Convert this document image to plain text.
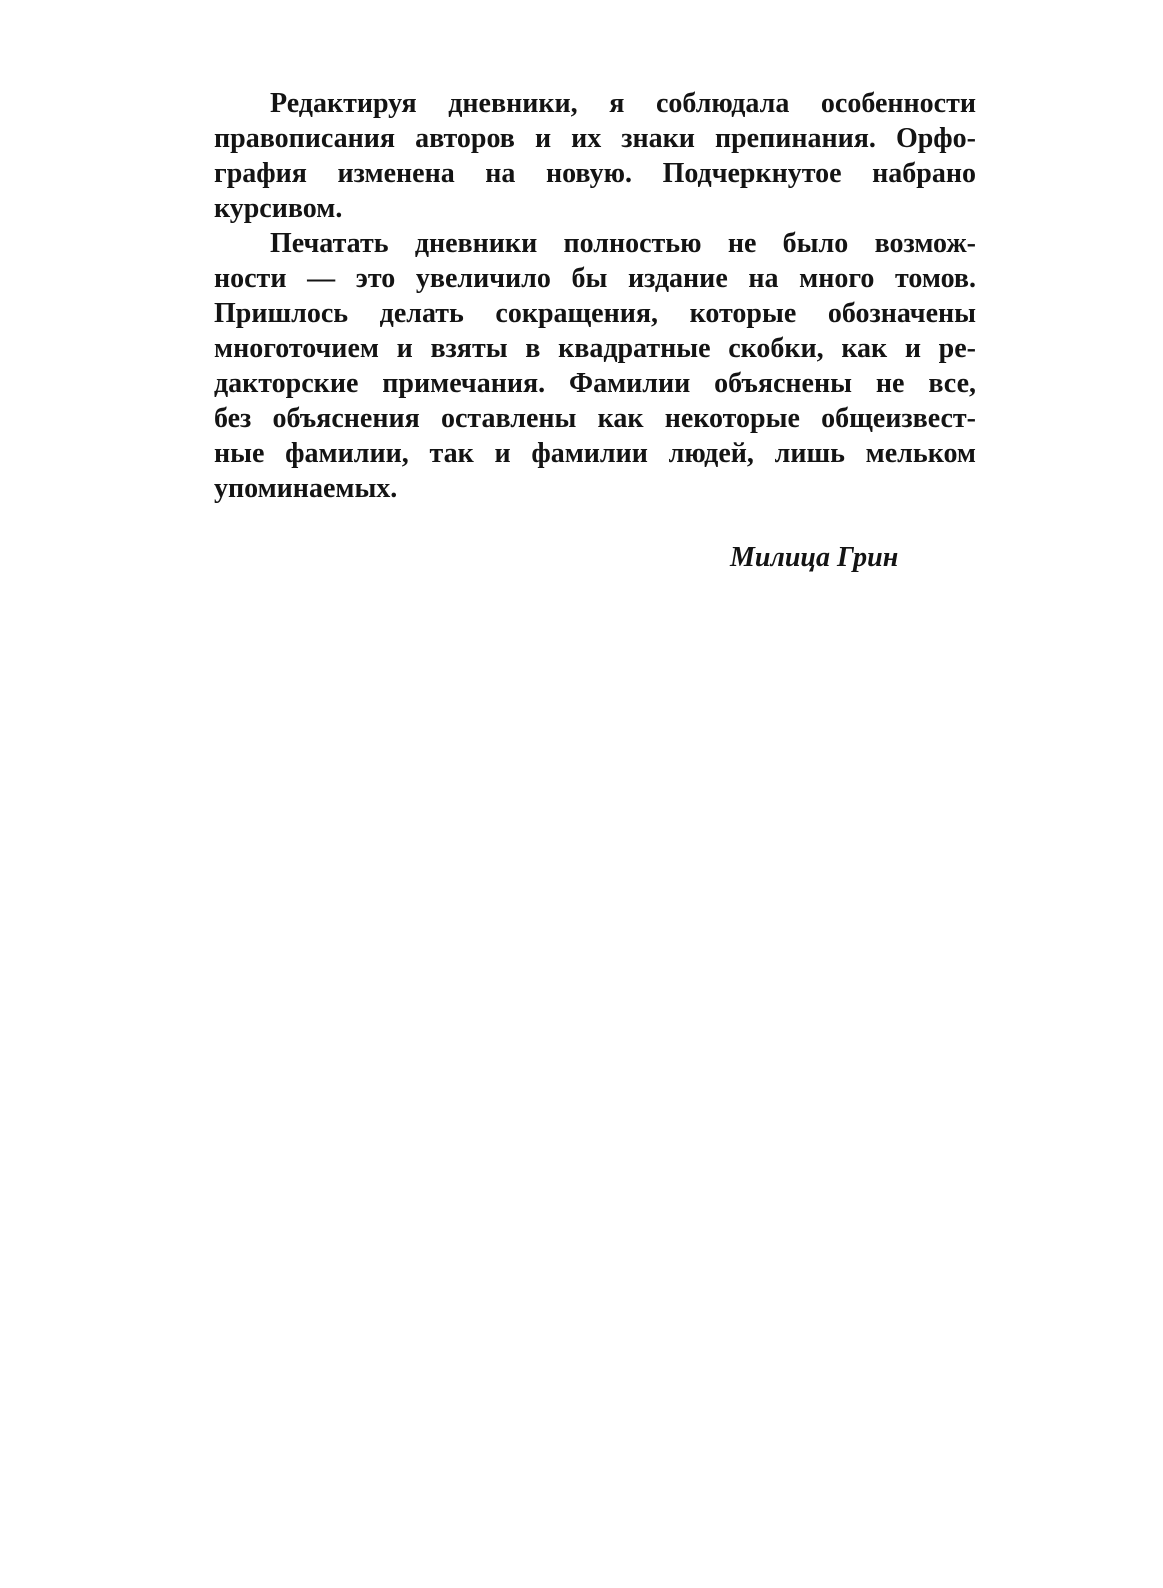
Редактируя дневники, я соблюдала особенности
правописания авторов и их знаки препинания. Орфо-
графия изменена на новую. Подчеркнутое набрано
курсивом.

Печатать дневники полностью не было возмож-
ности — это увеличило бы издание на много томов.
Пришлось делать сокращения, которые обозначены
многоточием и взяты в квадратные скобки, как и ре-
дакторские примечания. Фамилии объяснены не все,
без объяснения оставлены как некоторые общеизвест-
ные фамилии, так и фамилии людей, лишь мельком
упоминаемых.

Милица Грин
